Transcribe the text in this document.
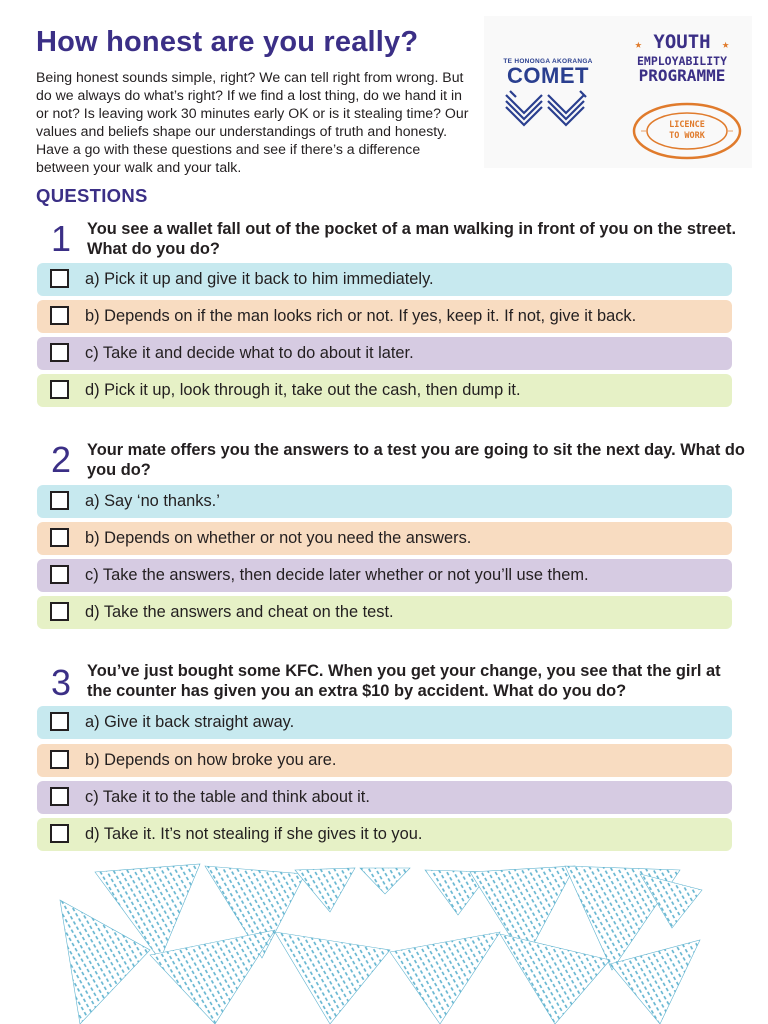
How honest are you really?

Being honest sounds simple, right? We can tell right from wrong. But do we always do what’s right? If we find a lost thing, do we hand it in or not? Is leaving work 30 minutes early OK or is it stealing time? Our values and beliefs shape our understandings of truth and honesty. Have a go with these questions and see if there’s a difference between your walk and your talk.

TE HONONGA AKORANGA
COMET
★ YOUTH ★
EMPLOYABILITY
PROGRAMME
LICENCE
TO WORK
QUESTIONS
1 You see a wallet fall out of the pocket of a man walking in front of you on the street. What do you do?
a) Pick it up and give it back to him immediately.
b) Depends on if the man looks rich or not. If yes, keep it. If not, give it back.
c) Take it and decide what to do about it later.
d) Pick it up, look through it, take out the cash, then dump it.
2 Your mate offers you the answers to a test you are going to sit the next day. What do you do?
a) Say ‘no thanks.’
b) Depends on whether or not you need the answers.
c) Take the answers, then decide later whether or not you’ll use them.
d) Take the answers and cheat on the test.
3 You’ve just bought some KFC. When you get your change, you see that the girl at the counter has given you an extra $10 by accident. What do you do?
a) Give it back straight away.
b) Depends on how broke you are.
c) Take it to the table and think about it.
d) Take it. It’s not stealing if she gives it to you.
